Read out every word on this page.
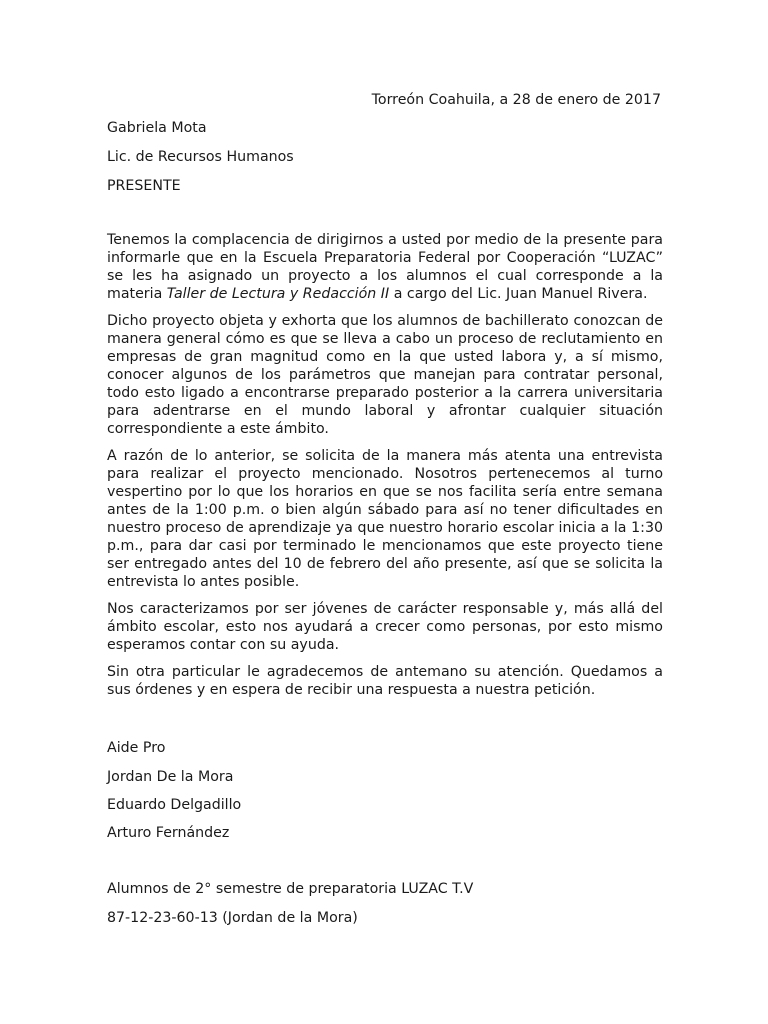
Torreón Coahuila, a 28 de enero de 2017
Gabriela Mota
Lic. de Recursos Humanos
PRESENTE

Tenemos la complacencia de dirigirnos a usted por medio de la presente para informarle que en la Escuela Preparatoria Federal por Cooperación “LUZAC” se les ha asignado un proyecto a los alumnos el cual corresponde a la materia Taller de Lectura y Redacción II a cargo del Lic. Juan Manuel Rivera.

Dicho proyecto objeta y exhorta que los alumnos de bachillerato conozcan de manera general cómo es que se lleva a cabo un proceso de reclutamiento en empresas de gran magnitud como en la que usted labora y, a sí mismo, conocer algunos de los parámetros que manejan para contratar personal, todo esto ligado a encontrarse preparado posterior a la carrera universitaria para adentrarse en el mundo laboral y afrontar cualquier situación correspondiente a este ámbito.

A razón de lo anterior, se solicita de la manera más atenta una entrevista para realizar el proyecto mencionado. Nosotros pertenecemos al turno vespertino por lo que los horarios en que se nos facilita sería entre semana antes de la 1:00 p.m. o bien algún sábado para así no tener dificultades en nuestro proceso de aprendizaje ya que nuestro horario escolar inicia a la 1:30 p.m., para dar casi por terminado le mencionamos que este proyecto tiene ser entregado antes del 10 de febrero del año presente, así que se solicita la entrevista lo antes posible.

Nos caracterizamos por ser jóvenes de carácter responsable y, más allá del ámbito escolar, esto nos ayudará a crecer como personas, por esto mismo esperamos contar con su ayuda.

Sin otra particular le agradecemos de antemano su atención. Quedamos a sus órdenes y en espera de recibir una respuesta a nuestra petición.

Aide Pro
Jordan De la Mora
Eduardo Delgadillo
Arturo Fernández
Alumnos de 2° semestre de preparatoria LUZAC T.V
87-12-23-60-13 (Jordan de la Mora)
